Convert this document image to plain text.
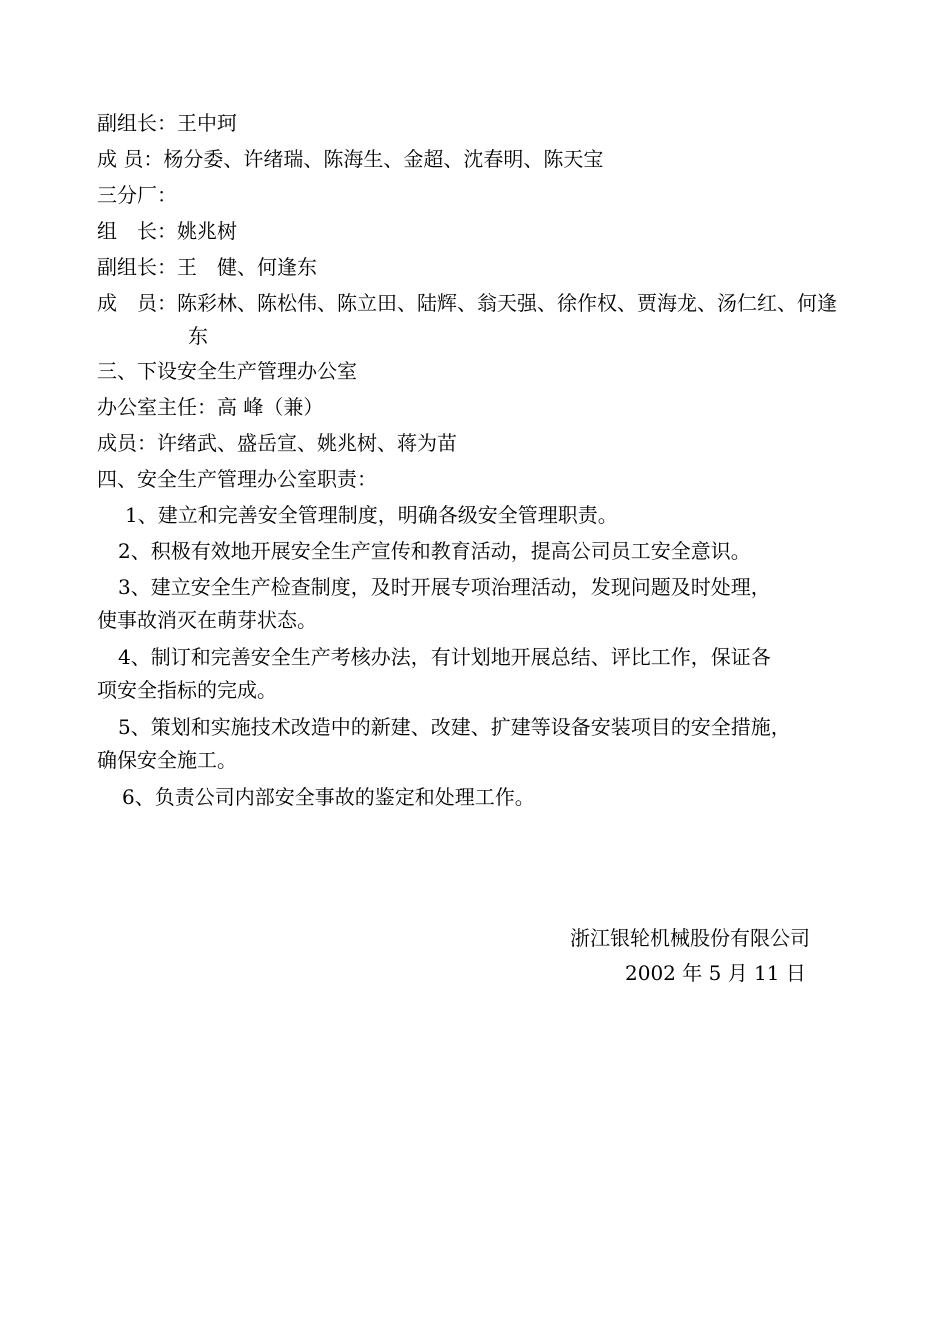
副组长：王中珂
成 员：杨分委、许绪瑞、陈海生、金超、沈春明、陈天宝
三分厂：
组　长：姚兆树
副组长：王　健、何逢东
成　员：陈彩林、陈松伟、陈立田、陆辉、翁天强、徐作权、贾海龙、汤仁红、何逢
东
三、下设安全生产管理办公室
办公室主任：高 峰（兼）
成员：许绪武、盛岳宣、姚兆树、蒋为苗
四、安全生产管理办公室职责：
1、建立和完善安全管理制度，明确各级安全管理职责。
2、积极有效地开展安全生产宣传和教育活动，提高公司员工安全意识。
3、建立安全生产检查制度，及时开展专项治理活动，发现问题及时处理，
使事故消灭在萌芽状态。
4、制订和完善安全生产考核办法，有计划地开展总结、评比工作，保证各
项安全指标的完成。
5、策划和实施技术改造中的新建、改建、扩建等设备安装项目的安全措施，
确保安全施工。
6、负责公司内部安全事故的鉴定和处理工作。
浙江银轮机械股份有限公司
2002 年 5 月 11 日
